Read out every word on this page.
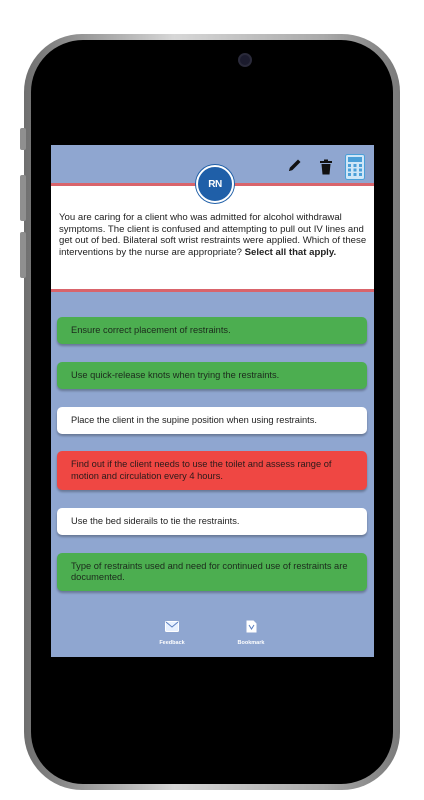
RN
You are caring for a client who was admitted for alcohol withdrawal symptoms. The client is confused and attempting to pull out IV lines and get out of bed. Bilateral soft wrist restraints were applied. Which of these interventions by the nurse are appropriate? Select all that apply.
Ensure correct placement of restraints.
Use quick-release knots when trying the restraints.
Place the client in the supine position when using restraints.
Find out if the client needs to use the toilet and assess range of motion and circulation every 4 hours.
Use the bed siderails to tie the restraints.
Type of restraints used and need for continued use of restraints are documented.
Feedback	Bookmark
